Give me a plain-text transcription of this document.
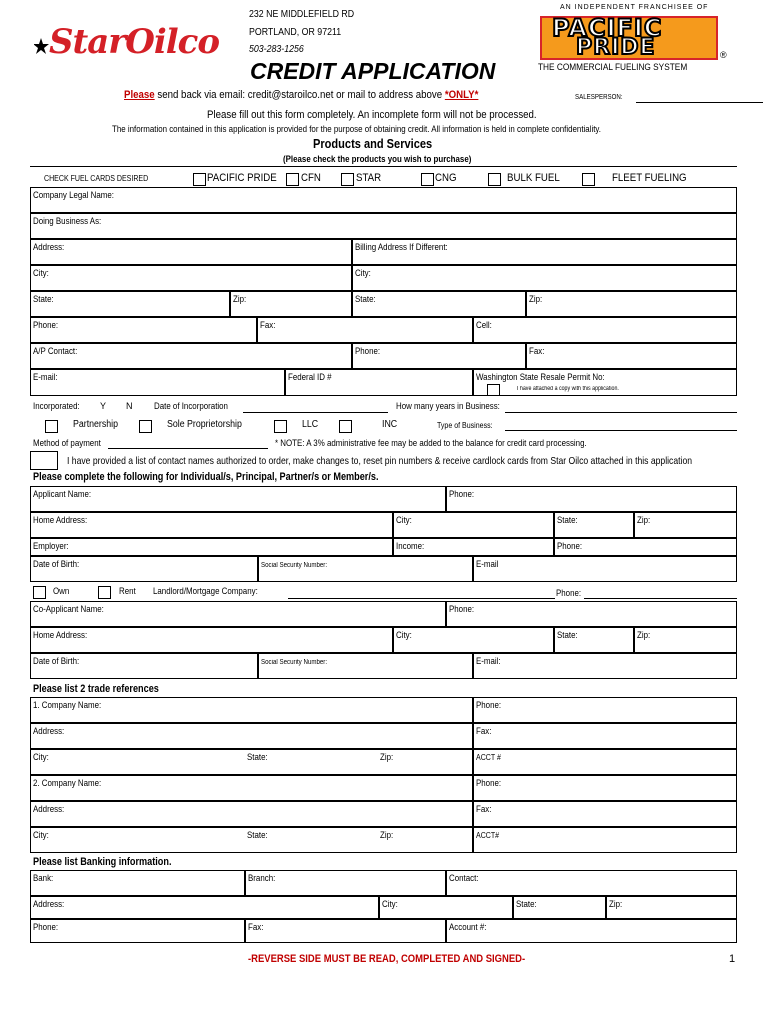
StarOilco
232 NE MIDDLEFIELD RD
PORTLAND, OR 97211
503-283-1256
AN INDEPENDENT FRANCHISEE OF
PACIFIC
PRIDE	®
THE COMMERCIAL FUELING SYSTEM
CREDIT APPLICATION
Please send back via email: credit@staroilco.net or mail to address above *ONLY*	SALESPERSON:
Please fill out this form completely. An incomplete form will not be processed.
The information contained in this application is provided for the purpose of obtaining credit. All information is held in complete confidentiality.
Products and Services
(Please check the products you wish to purchase)
CHECK FUEL CARDS DESIRED	PACIFIC PRIDE CFN	STAR	CNG	BULK FUEL	FLEET FUELING
Company Legal Name:
Doing Business As:
Address:	Billing Address If Different:
City:	City:
State:	Zip:	State:	Zip:
Phone:	Fax:	Cell:
A/P Contact:	Phone:	Fax:
E-mail:	Federal ID #	Washington State Resale Permit No:
I have attached a copy with this application.
Incorporated: Y N Date of Incorporation	How many years in Business:
Partnership	Sole Proprietorship	LLC	INC	Type of Business:
Method of payment	* NOTE: A 3% administrative fee may be added to the balance for credit card processing.
I have provided a list of contact names authorized to order, make changes to, reset pin numbers & receive cardlock cards from Star Oilco attached in this application
Please complete the following for Individual/s, Principal, Partner/s or Member/s.
Applicant Name:	Phone:
Home Address:	City:	State:	Zip:
Employer:	Income:	Phone:
Date of Birth:	Social Security Number:	E-mail
Own	Rent Landlord/Mortgage Company:	Phone:
Co-Applicant Name:	Phone:
Home Address:	City:	State:	Zip:
Date of Birth:	Social Security Number:	E-mail:
Please list 2 trade references
1. Company Name:	Phone:
Address:	Fax:
City:	State:	Zip:	ACCT #
2. Company Name:	Phone:
Address:	Fax:
City:	State:	Zip:	ACCT#
Please list Banking information.
Bank:	Branch:	Contact:
Address:	City:	State:	Zip:
Phone:	Fax:	Account #:
-REVERSE SIDE MUST BE READ, COMPLETED AND SIGNED-	1
